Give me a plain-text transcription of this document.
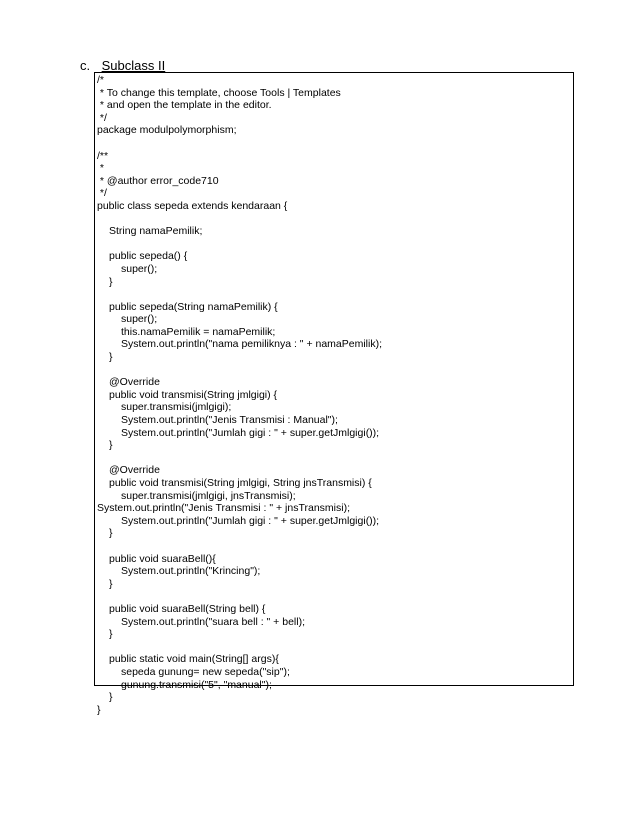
c. Subclass II
/*
* To change this template, choose Tools | Templates
* and open the template in the editor.
*/
package modulpolymorphism;
/**
*
* @author error_code710
*/
public class sepeda extends kendaraan {
String namaPemilik;
public sepeda() {
super();
}
public sepeda(String namaPemilik) {
super();
this.namaPemilik = namaPemilik;
System.out.println("nama pemiliknya : " + namaPemilik);
}
@Override
public void transmisi(String jmlgigi) {
super.transmisi(jmlgigi);
System.out.println("Jenis Transmisi : Manual");
System.out.println("Jumlah gigi : " + super.getJmlgigi());
}
@Override
public void transmisi(String jmlgigi, String jnsTransmisi) {
super.transmisi(jmlgigi, jnsTransmisi);
System.out.println("Jenis Transmisi : " + jnsTransmisi);
System.out.println("Jumlah gigi : " + super.getJmlgigi());
}
public void suaraBell(){
System.out.println("Krincing");
}
public void suaraBell(String bell) {
System.out.println("suara bell : " + bell);
}
public static void main(String[] args){
sepeda gunung= new sepeda("sip");
gunung.transmisi("5", "manual");
}
}
